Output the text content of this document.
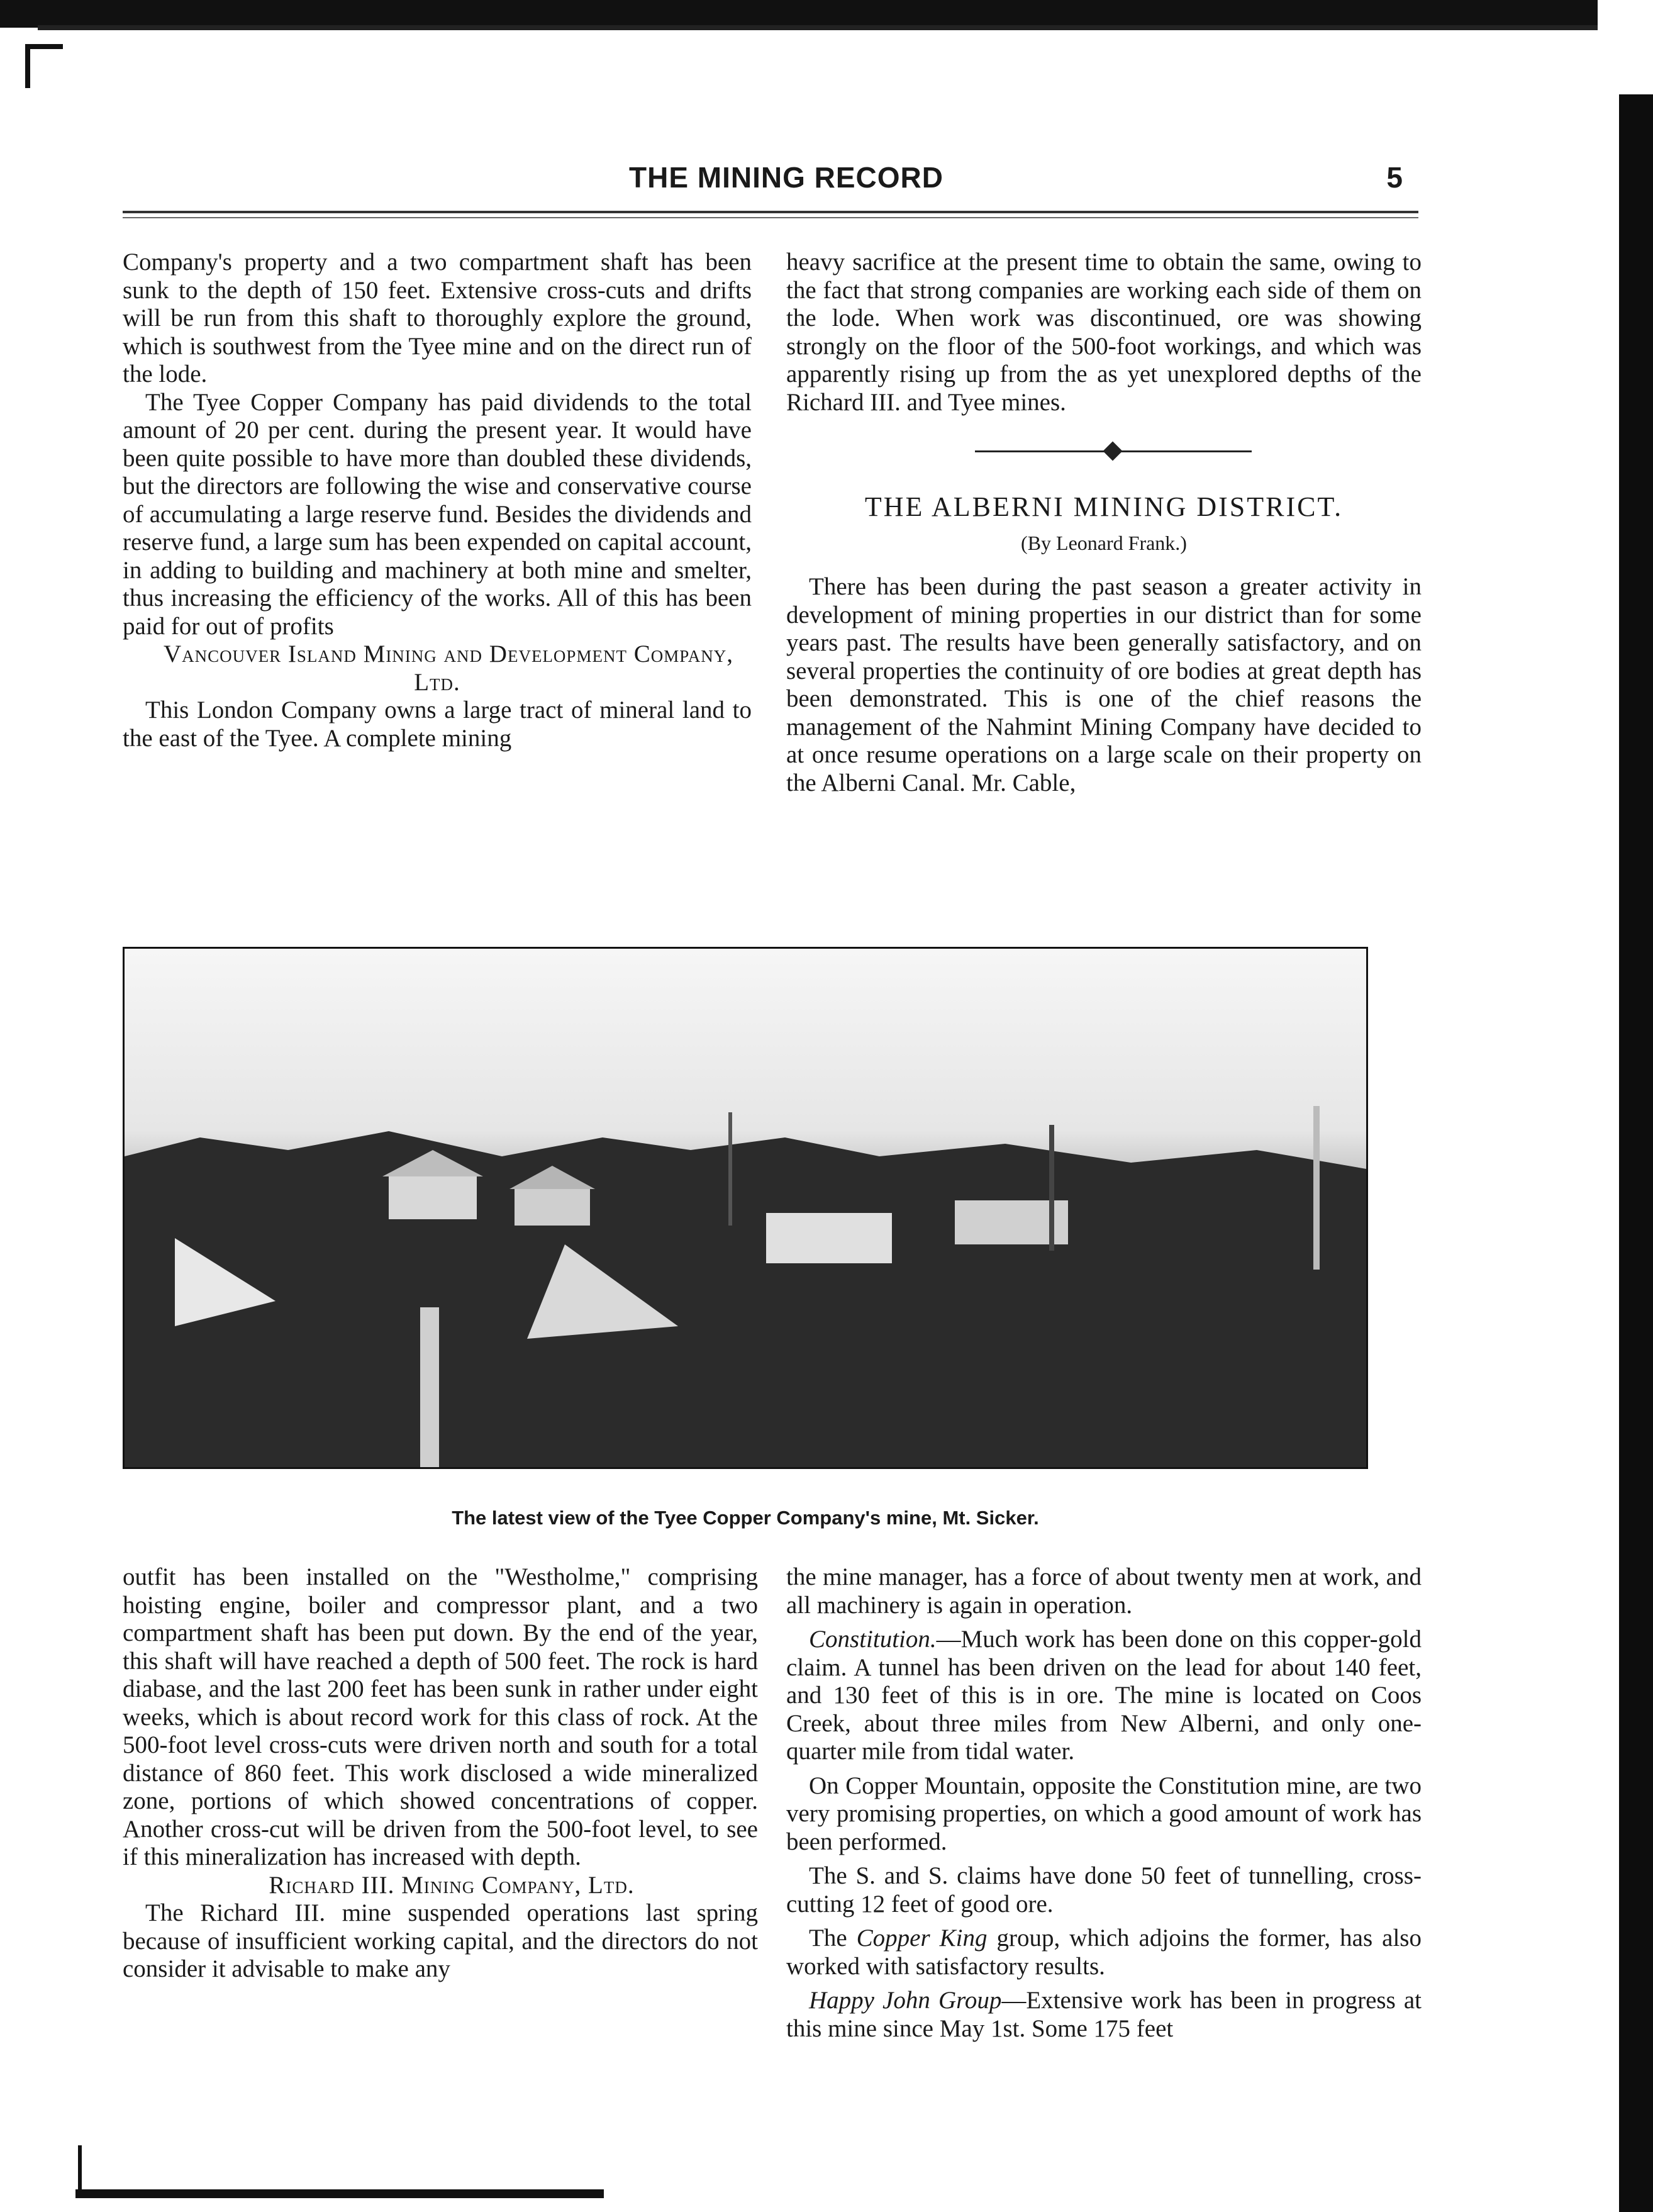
THE MINING RECORD	5

Company's property and a two compartment shaft has been sunk to the depth of 150 feet. Extensive cross-cuts and drifts will be run from this shaft to thoroughly explore the ground, which is southwest from the Tyee mine and on the direct run of the lode.

The Tyee Copper Company has paid dividends to the total amount of 20 per cent. during the present year. It would have been quite possible to have more than doubled these dividends, but the directors are following the wise and conservative course of accumulating a large reserve fund. Besides the dividends and reserve fund, a large sum has been expended on capital account, in adding to building and machinery at both mine and smelter, thus increasing the efficiency of the works. All of this has been paid for out of profits

Vancouver Island Mining and Development Company, Ltd.

This London Company owns a large tract of mineral land to the east of the Tyee. A complete mining

heavy sacrifice at the present time to obtain the same, owing to the fact that strong companies are working each side of them on the lode. When work was discontinued, ore was showing strongly on the floor of the 500-foot workings, and which was apparently rising up from the as yet unexplored depths of the Richard III. and Tyee mines.

THE ALBERNI MINING DISTRICT.
(By Leonard Frank.)

There has been during the past season a greater activity in development of mining properties in our district than for some years past. The results have been generally satisfactory, and on several properties the continuity of ore bodies at great depth has been demonstrated. This is one of the chief reasons the management of the Nahmint Mining Company have decided to at once resume operations on a large scale on their property on the Alberni Canal. Mr. Cable,

The latest view of the Tyee Copper Company's mine, Mt. Sicker.

outfit has been installed on the "Westholme," comprising hoisting engine, boiler and compressor plant, and a two compartment shaft has been put down. By the end of the year, this shaft will have reached a depth of 500 feet. The rock is hard diabase, and the last 200 feet has been sunk in rather under eight weeks, which is about record work for this class of rock. At the 500-foot level cross-cuts were driven north and south for a total distance of 860 feet. This work disclosed a wide mineralized zone, portions of which showed concentrations of copper. Another cross-cut will be driven from the 500-foot level, to see if this mineralization has increased with depth.

Richard III. Mining Company, Ltd.

The Richard III. mine suspended operations last spring because of insufficient working capital, and the directors do not consider it advisable to make any

the mine manager, has a force of about twenty men at work, and all machinery is again in operation.

Constitution.—Much work has been done on this copper-gold claim. A tunnel has been driven on the lead for about 140 feet, and 130 feet of this is in ore. The mine is located on Coos Creek, about three miles from New Alberni, and only one-quarter mile from tidal water.

On Copper Mountain, opposite the Constitution mine, are two very promising properties, on which a good amount of work has been performed.

The S. and S. claims have done 50 feet of tunnelling, cross-cutting 12 feet of good ore.

The Copper King group, which adjoins the former, has also worked with satisfactory results.

Happy John Group—Extensive work has been in progress at this mine since May 1st. Some 175 feet
